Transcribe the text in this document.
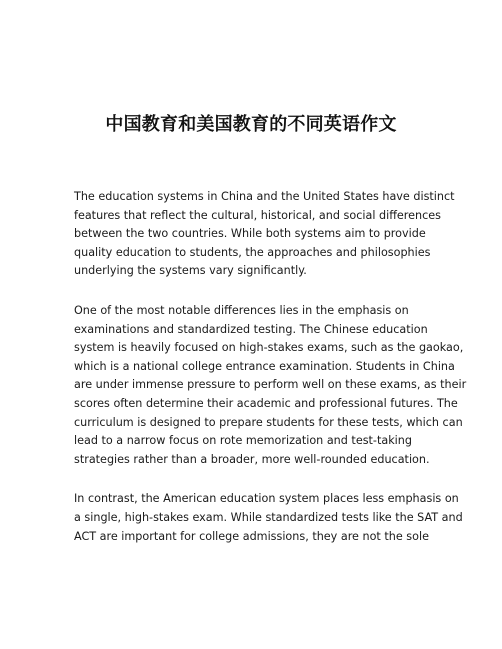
中国教育和美国教育的不同英语作文

The education systems in China and the United States have distinct
features that reflect the cultural, historical, and social differences
between the two countries. While both systems aim to provide
quality education to students, the approaches and philosophies
underlying the systems vary significantly.

One of the most notable differences lies in the emphasis on
examinations and standardized testing. The Chinese education
system is heavily focused on high-stakes exams, such as the gaokao,
which is a national college entrance examination. Students in China
are under immense pressure to perform well on these exams, as their
scores often determine their academic and professional futures. The
curriculum is designed to prepare students for these tests, which can
lead to a narrow focus on rote memorization and test-taking
strategies rather than a broader, more well-rounded education.

In contrast, the American education system places less emphasis on
a single, high-stakes exam. While standardized tests like the SAT and
ACT are important for college admissions, they are not the sole
